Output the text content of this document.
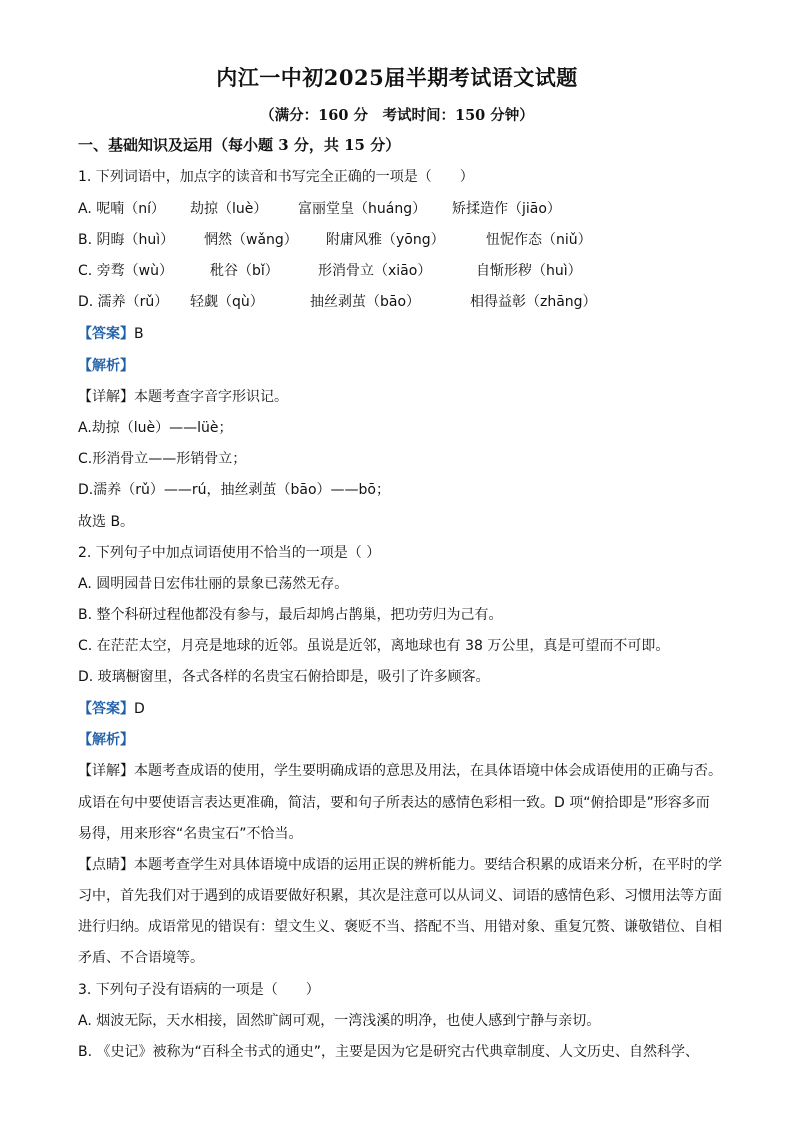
内江一中初2025届半期考试语文试题
（满分：160 分　考试时间：150 分钟）
一、基础知识及运用（每小题 3 分，共 15 分）
1. 下列词语中，加点字的读音和书写完全正确的一项是（　　）
A. 呢喃（ní） 劫掠（luè） 富丽堂皇（huáng） 矫揉造作（jiāo）
B. 阴晦（huì） 惘然（wǎng） 附庸风雅（yōng）	忸怩作态（niǔ）
C. 旁骛（wù）	秕谷（bǐ）	形消骨立（xiāo）	自惭形秽（huì）
D. 濡养（rǔ） 轻觑（qù）	抽丝剥茧（bāo）	相得益彰（zhāng）
【答案】B
【解析】
【详解】本题考查字音字形识记。
A.劫掠（luè）——lüè；
C.形消骨立——形销骨立；
D.濡养（rǔ）——rú，抽丝剥茧（bāo）——bō；
故选 B。
2. 下列句子中加点词语使用不恰当的一项是（ ）
A. 圆明园昔日宏伟壮丽的景象已荡然无存。
B. 整个科研过程他都没有参与，最后却鸠占鹊巢，把功劳归为己有。
C. 在茫茫太空，月亮是地球的近邻。虽说是近邻，离地球也有 38 万公里，真是可望而不可即。
D. 玻璃橱窗里，各式各样的名贵宝石俯拾即是，吸引了许多顾客。
【答案】D
【解析】
【详解】本题考查成语的使用，学生要明确成语的意思及用法，在具体语境中体会成语使用的正确与否。
成语在句中要使语言表达更准确，简洁，要和句子所表达的感情色彩相一致。D 项“俯拾即是”形容多而
易得，用来形容“名贵宝石”不恰当。
【点睛】本题考查学生对具体语境中成语的运用正误的辨析能力。要结合积累的成语来分析，在平时的学
习中，首先我们对于遇到的成语要做好积累，其次是注意可以从词义、词语的感情色彩、习惯用法等方面
进行归纳。成语常见的错误有：望文生义、褒贬不当、搭配不当、用错对象、重复冗赘、谦敬错位、自相
矛盾、不合语境等。
3. 下列句子没有语病的一项是（　　）
A. 烟波无际，天水相接，固然旷阔可观，一湾浅溪的明净，也使人感到宁静与亲切。
B. 《史记》被称为“百科全书式的通史”，主要是因为它是研究古代典章制度、人文历史、自然科学、
